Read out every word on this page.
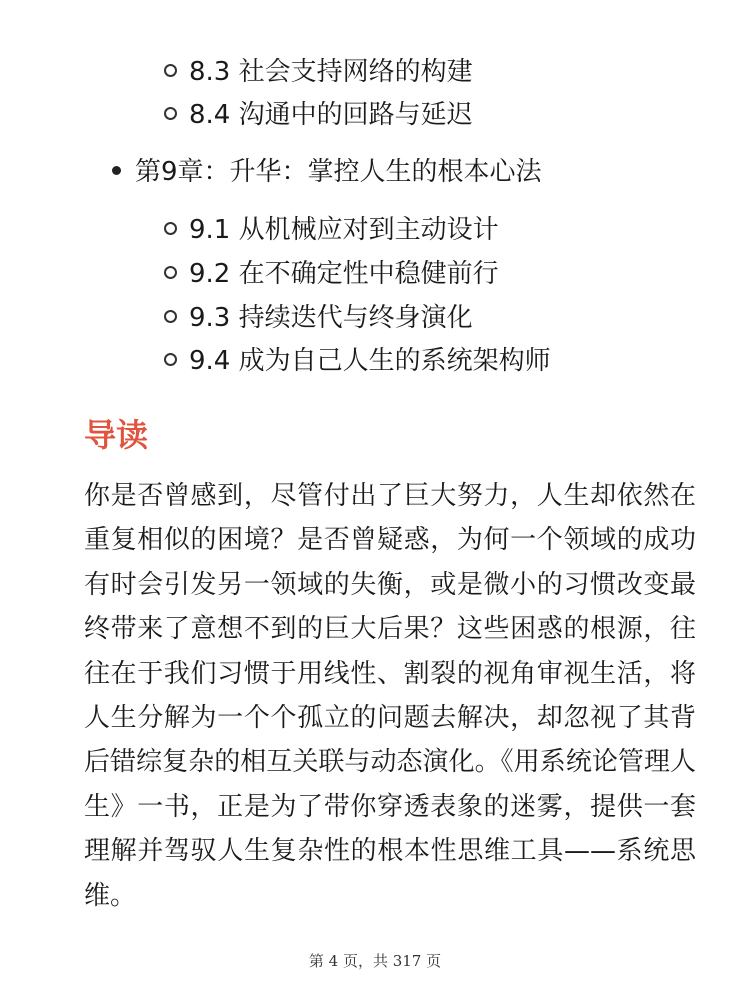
8.3 社会支持网络的构建
8.4 沟通中的回路与延迟
第9章：升华：掌控人生的根本心法
9.1 从机械应对到主动设计
9.2 在不确定性中稳健前行
9.3 持续迭代与终身演化
9.4 成为自己人生的系统架构师
导读

你是否曾感到，尽管付出了巨大努力，人生却依然在重复相似的困境？是否曾疑惑，为何一个领域的成功有时会引发另一领域的失衡，或是微小的习惯改变最终带来了意想不到的巨大后果？这些困惑的根源，往往在于我们习惯于用线性、割裂的视角审视生活，将人生分解为一个个孤立的问题去解决，却忽视了其背后错综复杂的相互关联与动态演化。《用系统论管理人生》一书，正是为了带你穿透表象的迷雾，提供一套理解并驾驭人生复杂性的根本性思维工具——系统思维。

第 4 页，共 317 页
